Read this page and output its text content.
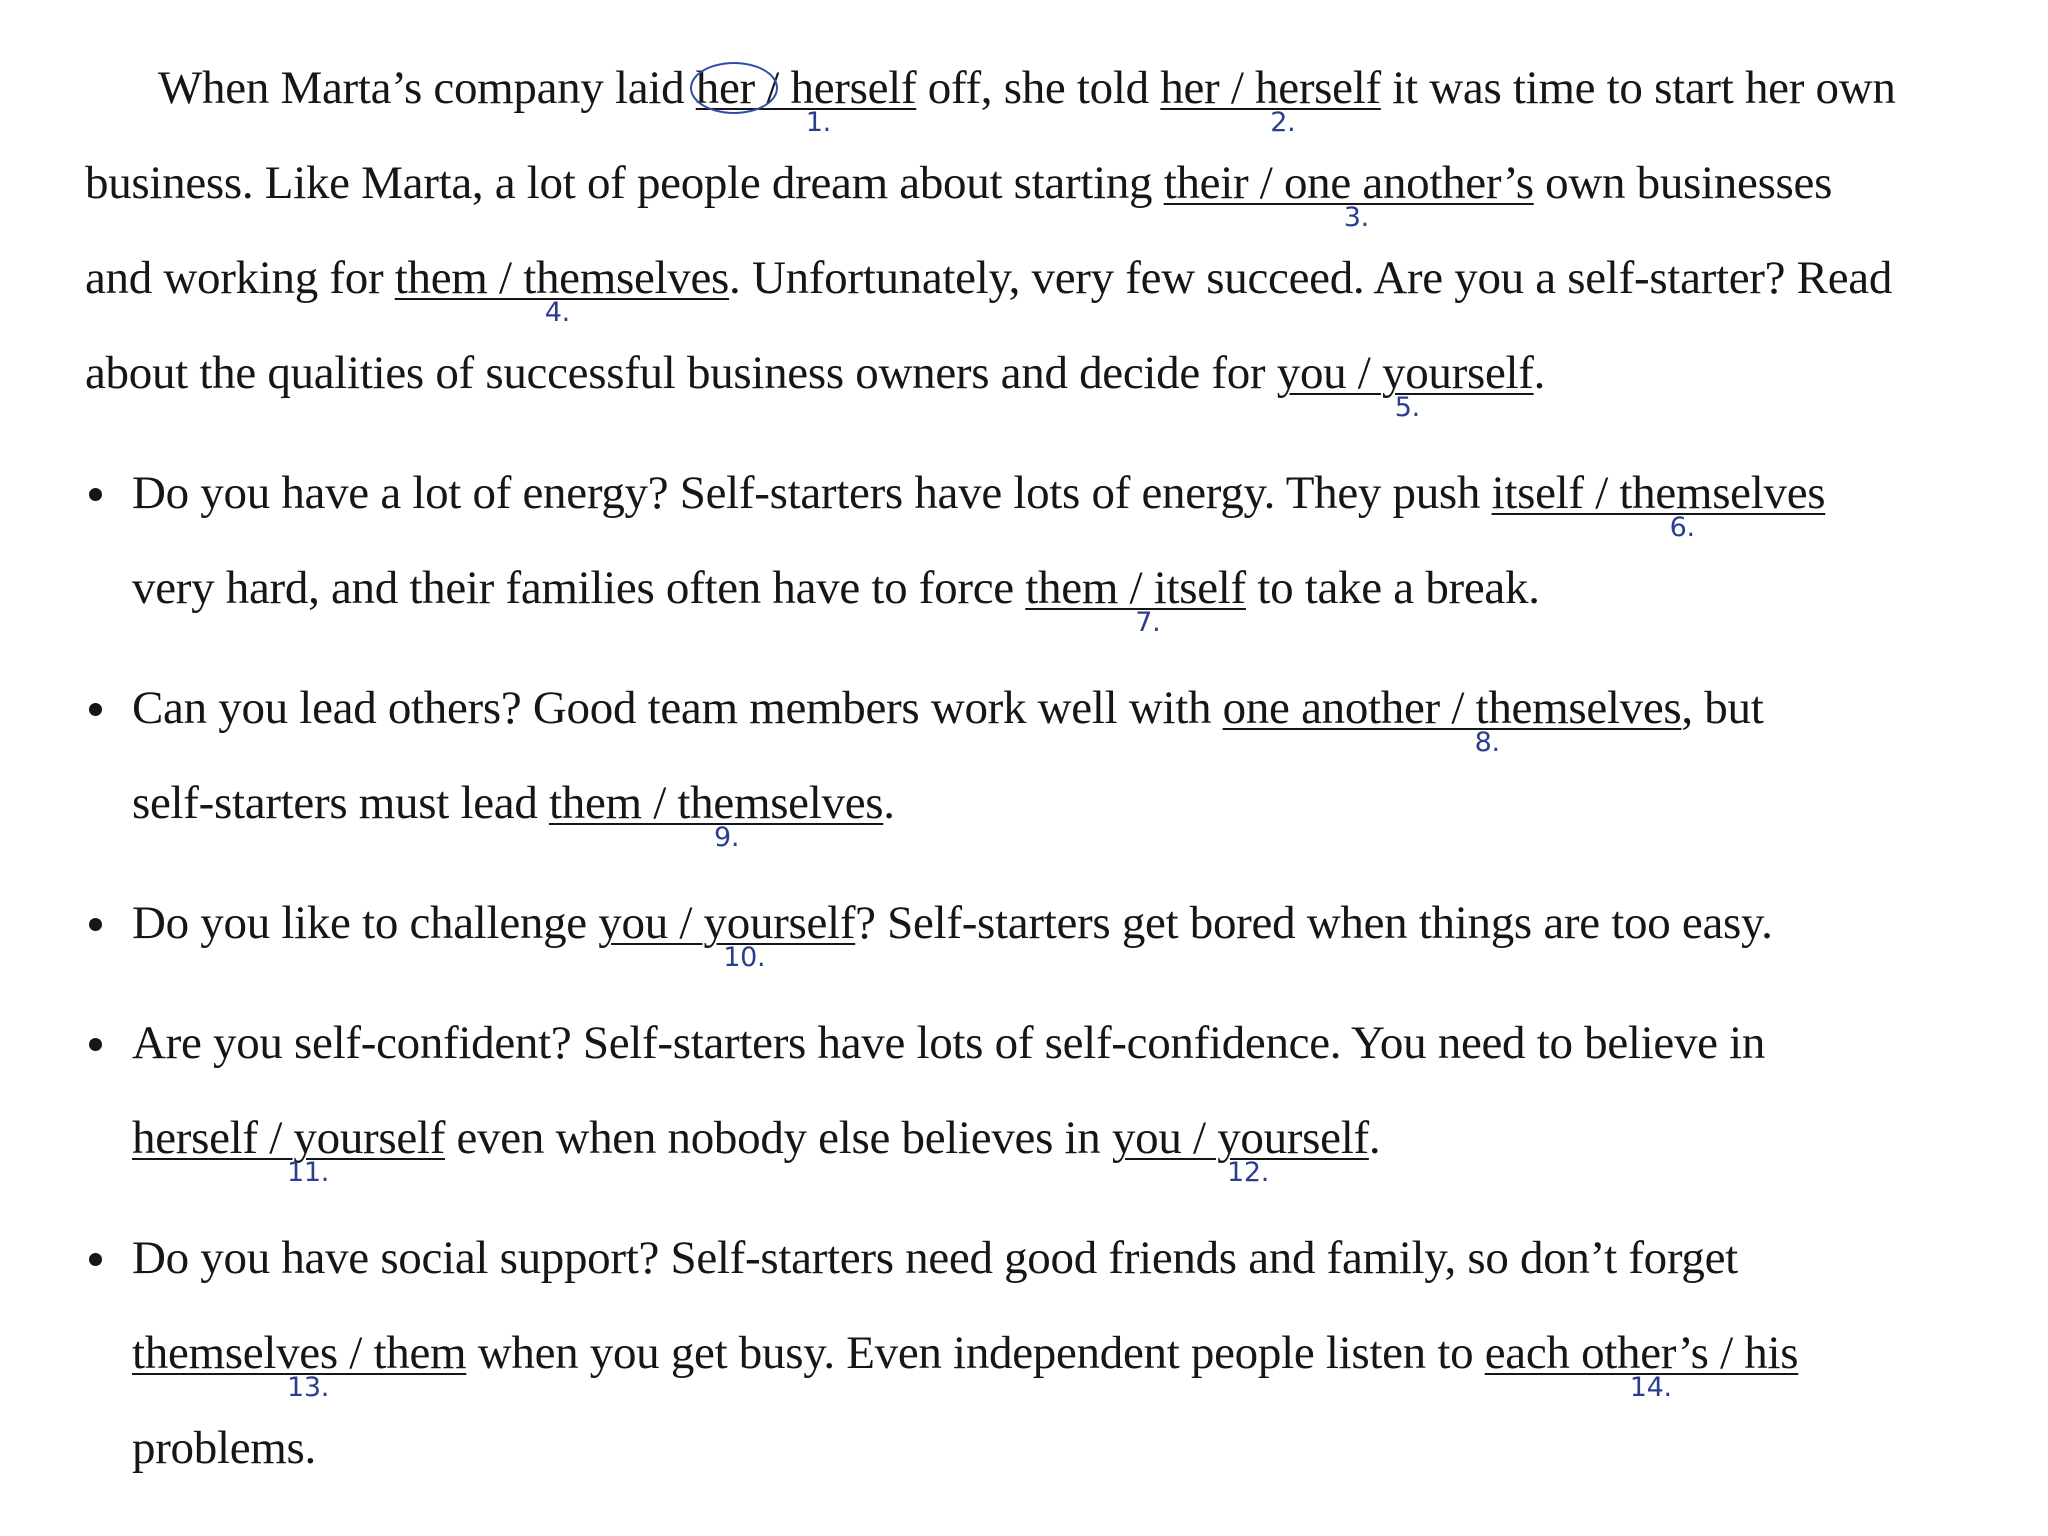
When Marta’s company laid
her / herself
1.
off, she told her / herself
2.
it was time to start her own
business. Like Marta, a lot of people dream about starting their / one another’s
3.
own businesses
and working for them / themselves
4.
. Unfortunately, very few succeed. Are you a self-starter? Read
about the qualities of successful business owners and decide for you / yourself
5.
.
Do you have a lot of energy? Self-starters have lots of energy. They push itself / themselves
6.
very hard, and their families often have to force them / itself
7.
to take a break.
Can you lead others? Good team members work well with one another / themselves
8.
, but
self-starters must lead them / themselves
9.
.
Do you like to challenge you / yourself
10.
? Self-starters get bored when things are too easy.
Are you self-confident? Self-starters have lots of self-confidence. You need to believe in
herself / yourself
11.
even when nobody else believes in you / yourself
12.
.
Do you have social support? Self-starters need good friends and family, so don’t forget
themselves / them
13.
when you get busy. Even independent people listen to each other’s / his
14.
problems.
